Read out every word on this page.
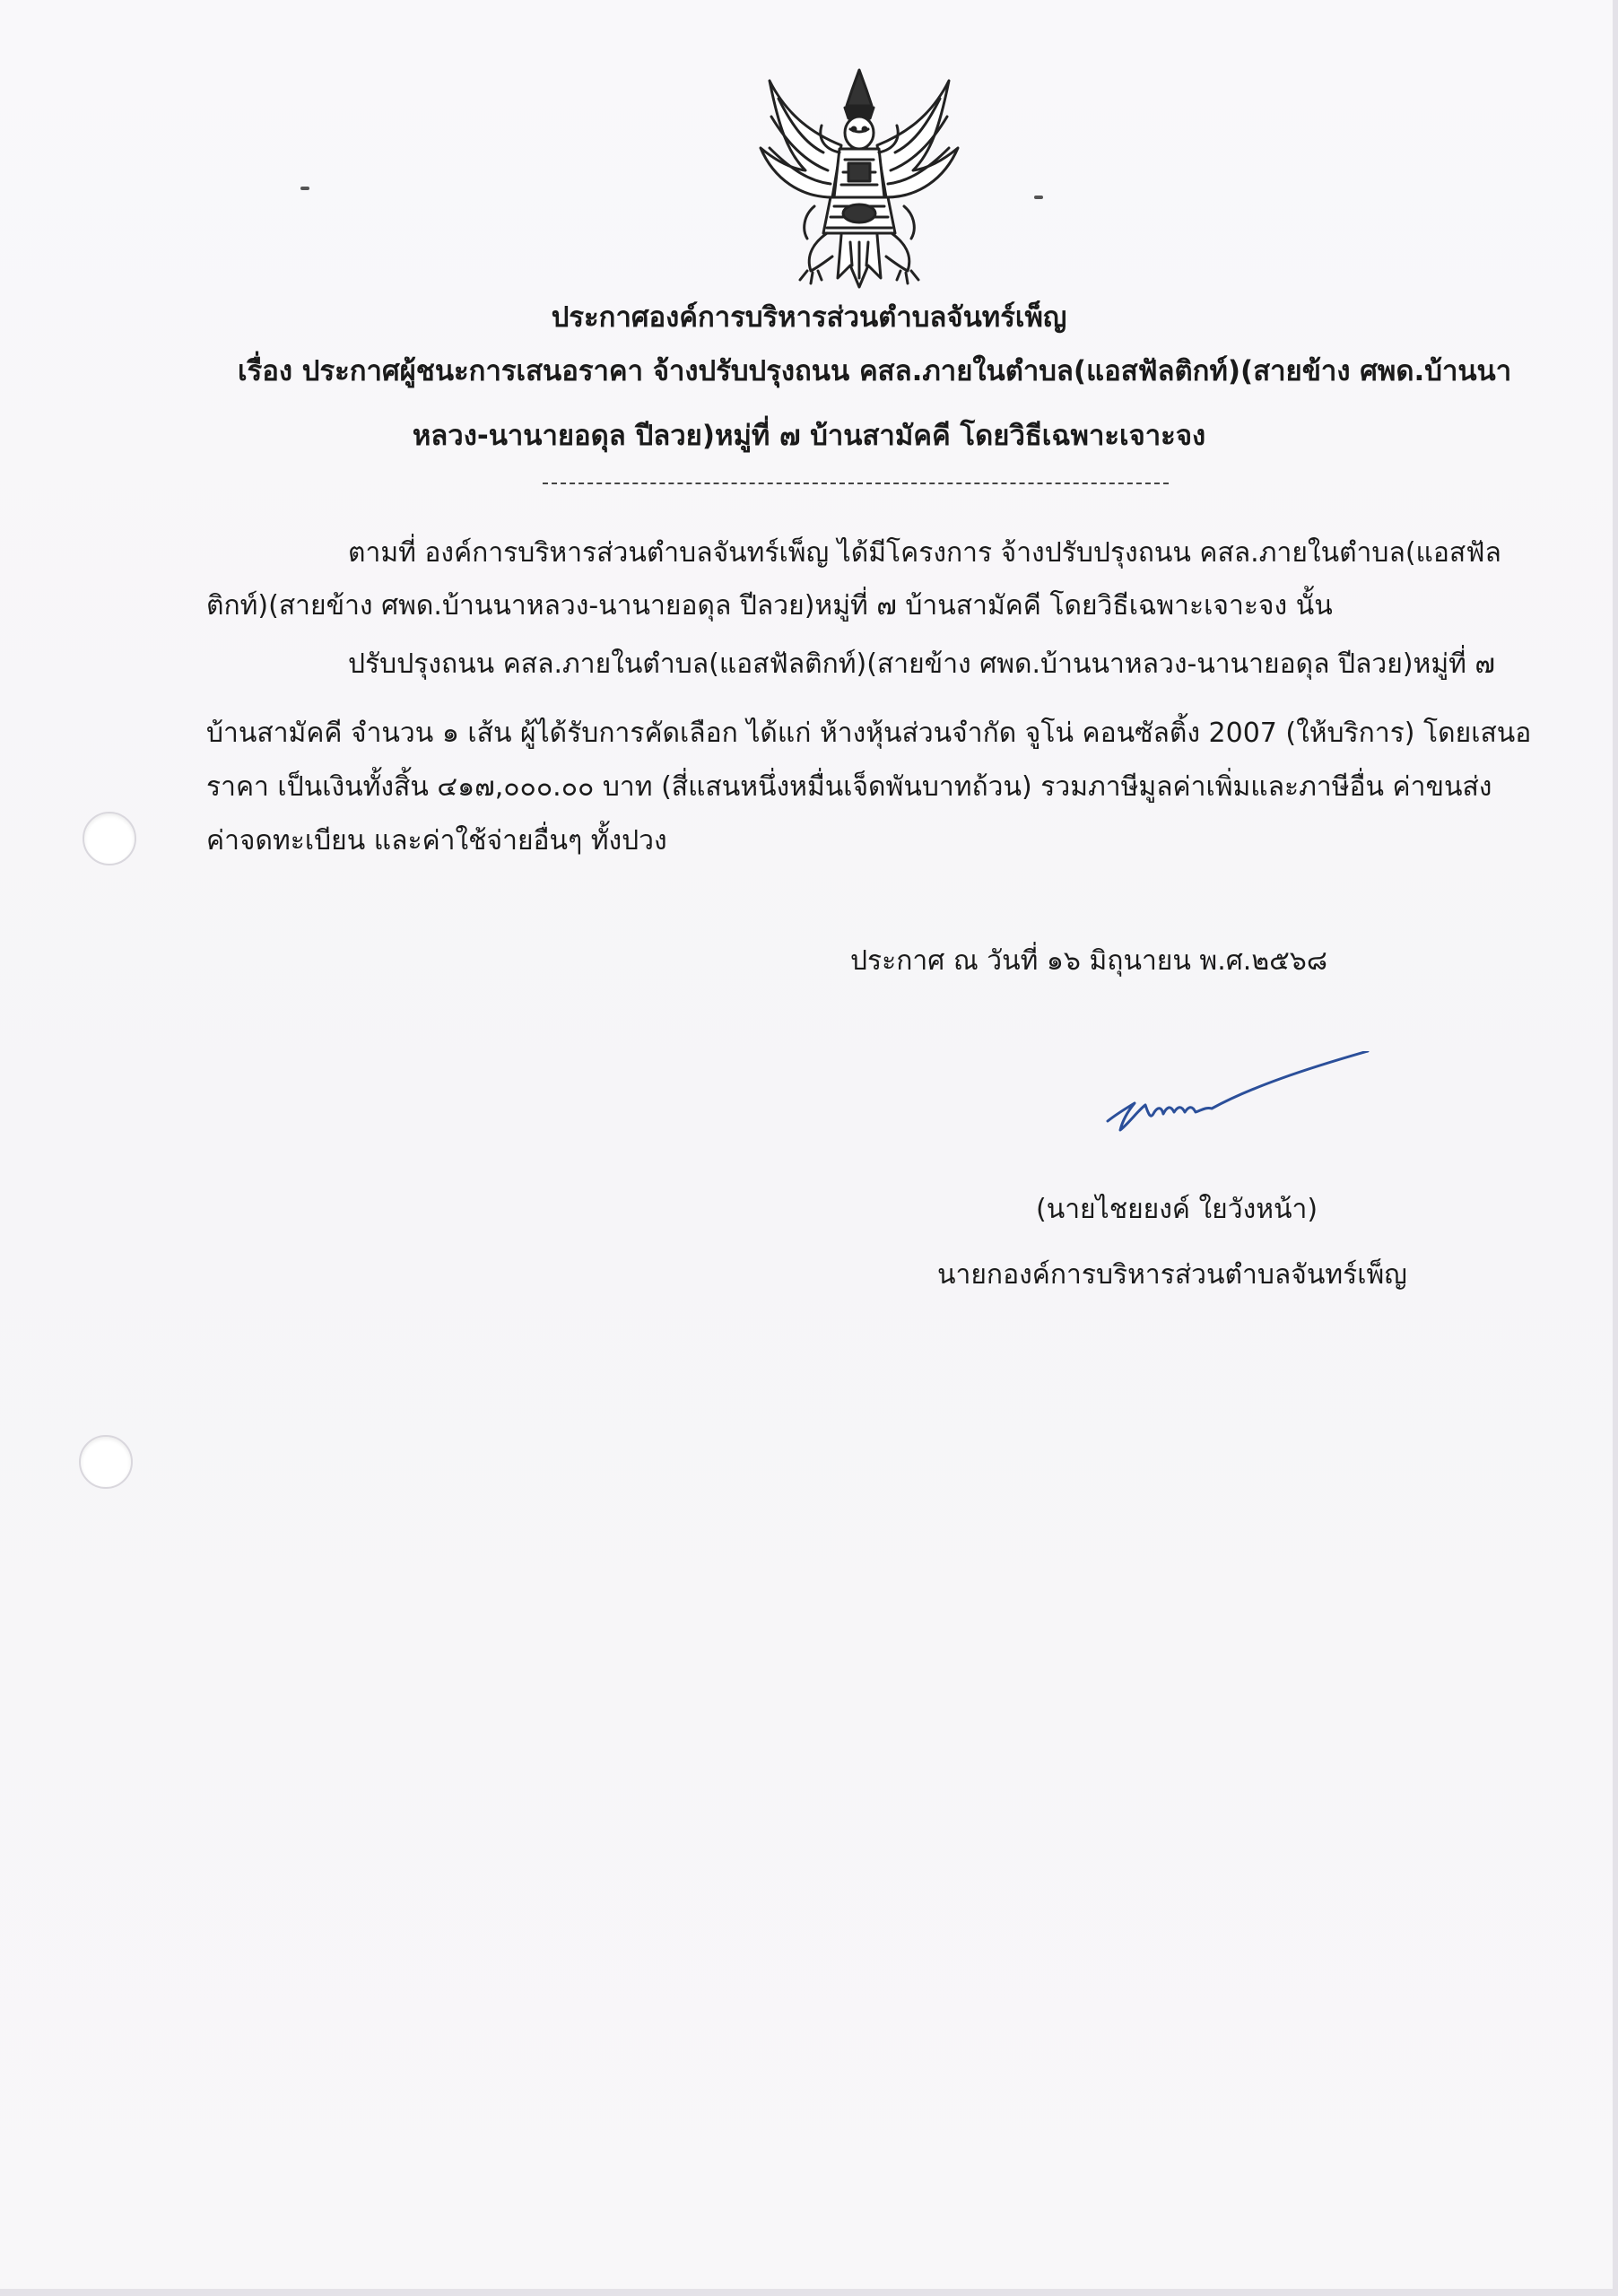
ประกาศองค์การบริหารส่วนตำบลจันทร์เพ็ญ
เรื่อง ประกาศผู้ชนะการเสนอราคา จ้างปรับปรุงถนน คสล.ภายในตำบล(แอสฟัลติกท์)(สายข้าง ศพด.บ้านนา
หลวง-นานายอดุล ปีลวย)หมู่ที่ ๗ บ้านสามัคคี โดยวิธีเฉพาะเจาะจง
ตามที่ องค์การบริหารส่วนตำบลจันทร์เพ็ญ ได้มีโครงการ จ้างปรับปรุงถนน คสล.ภายในตำบล(แอสฟัล
ติกท์)(สายข้าง ศพด.บ้านนาหลวง-นานายอดุล ปีลวย)หมู่ที่ ๗ บ้านสามัคคี โดยวิธีเฉพาะเจาะจง นั้น
ปรับปรุงถนน คสล.ภายในตำบล(แอสฟัลติกท์)(สายข้าง ศพด.บ้านนาหลวง-นานายอดุล ปีลวย)หมู่ที่ ๗
บ้านสามัคคี จำนวน ๑ เส้น ผู้ได้รับการคัดเลือก ได้แก่ ห้างหุ้นส่วนจำกัด จูโน่ คอนซัลติ้ง 2007 (ให้บริการ) โดยเสนอ
ราคา เป็นเงินทั้งสิ้น ๔๑๗,๐๐๐.๐๐ บาท (สี่แสนหนึ่งหมื่นเจ็ดพันบาทถ้วน) รวมภาษีมูลค่าเพิ่มและภาษีอื่น ค่าขนส่ง
ค่าจดทะเบียน และค่าใช้จ่ายอื่นๆ ทั้งปวง
ประกาศ ณ วันที่ ๑๖ มิถุนายน พ.ศ.๒๕๖๘
(นายไชยยงค์ ใยวังหน้า)
นายกองค์การบริหารส่วนตำบลจันทร์เพ็ญ
